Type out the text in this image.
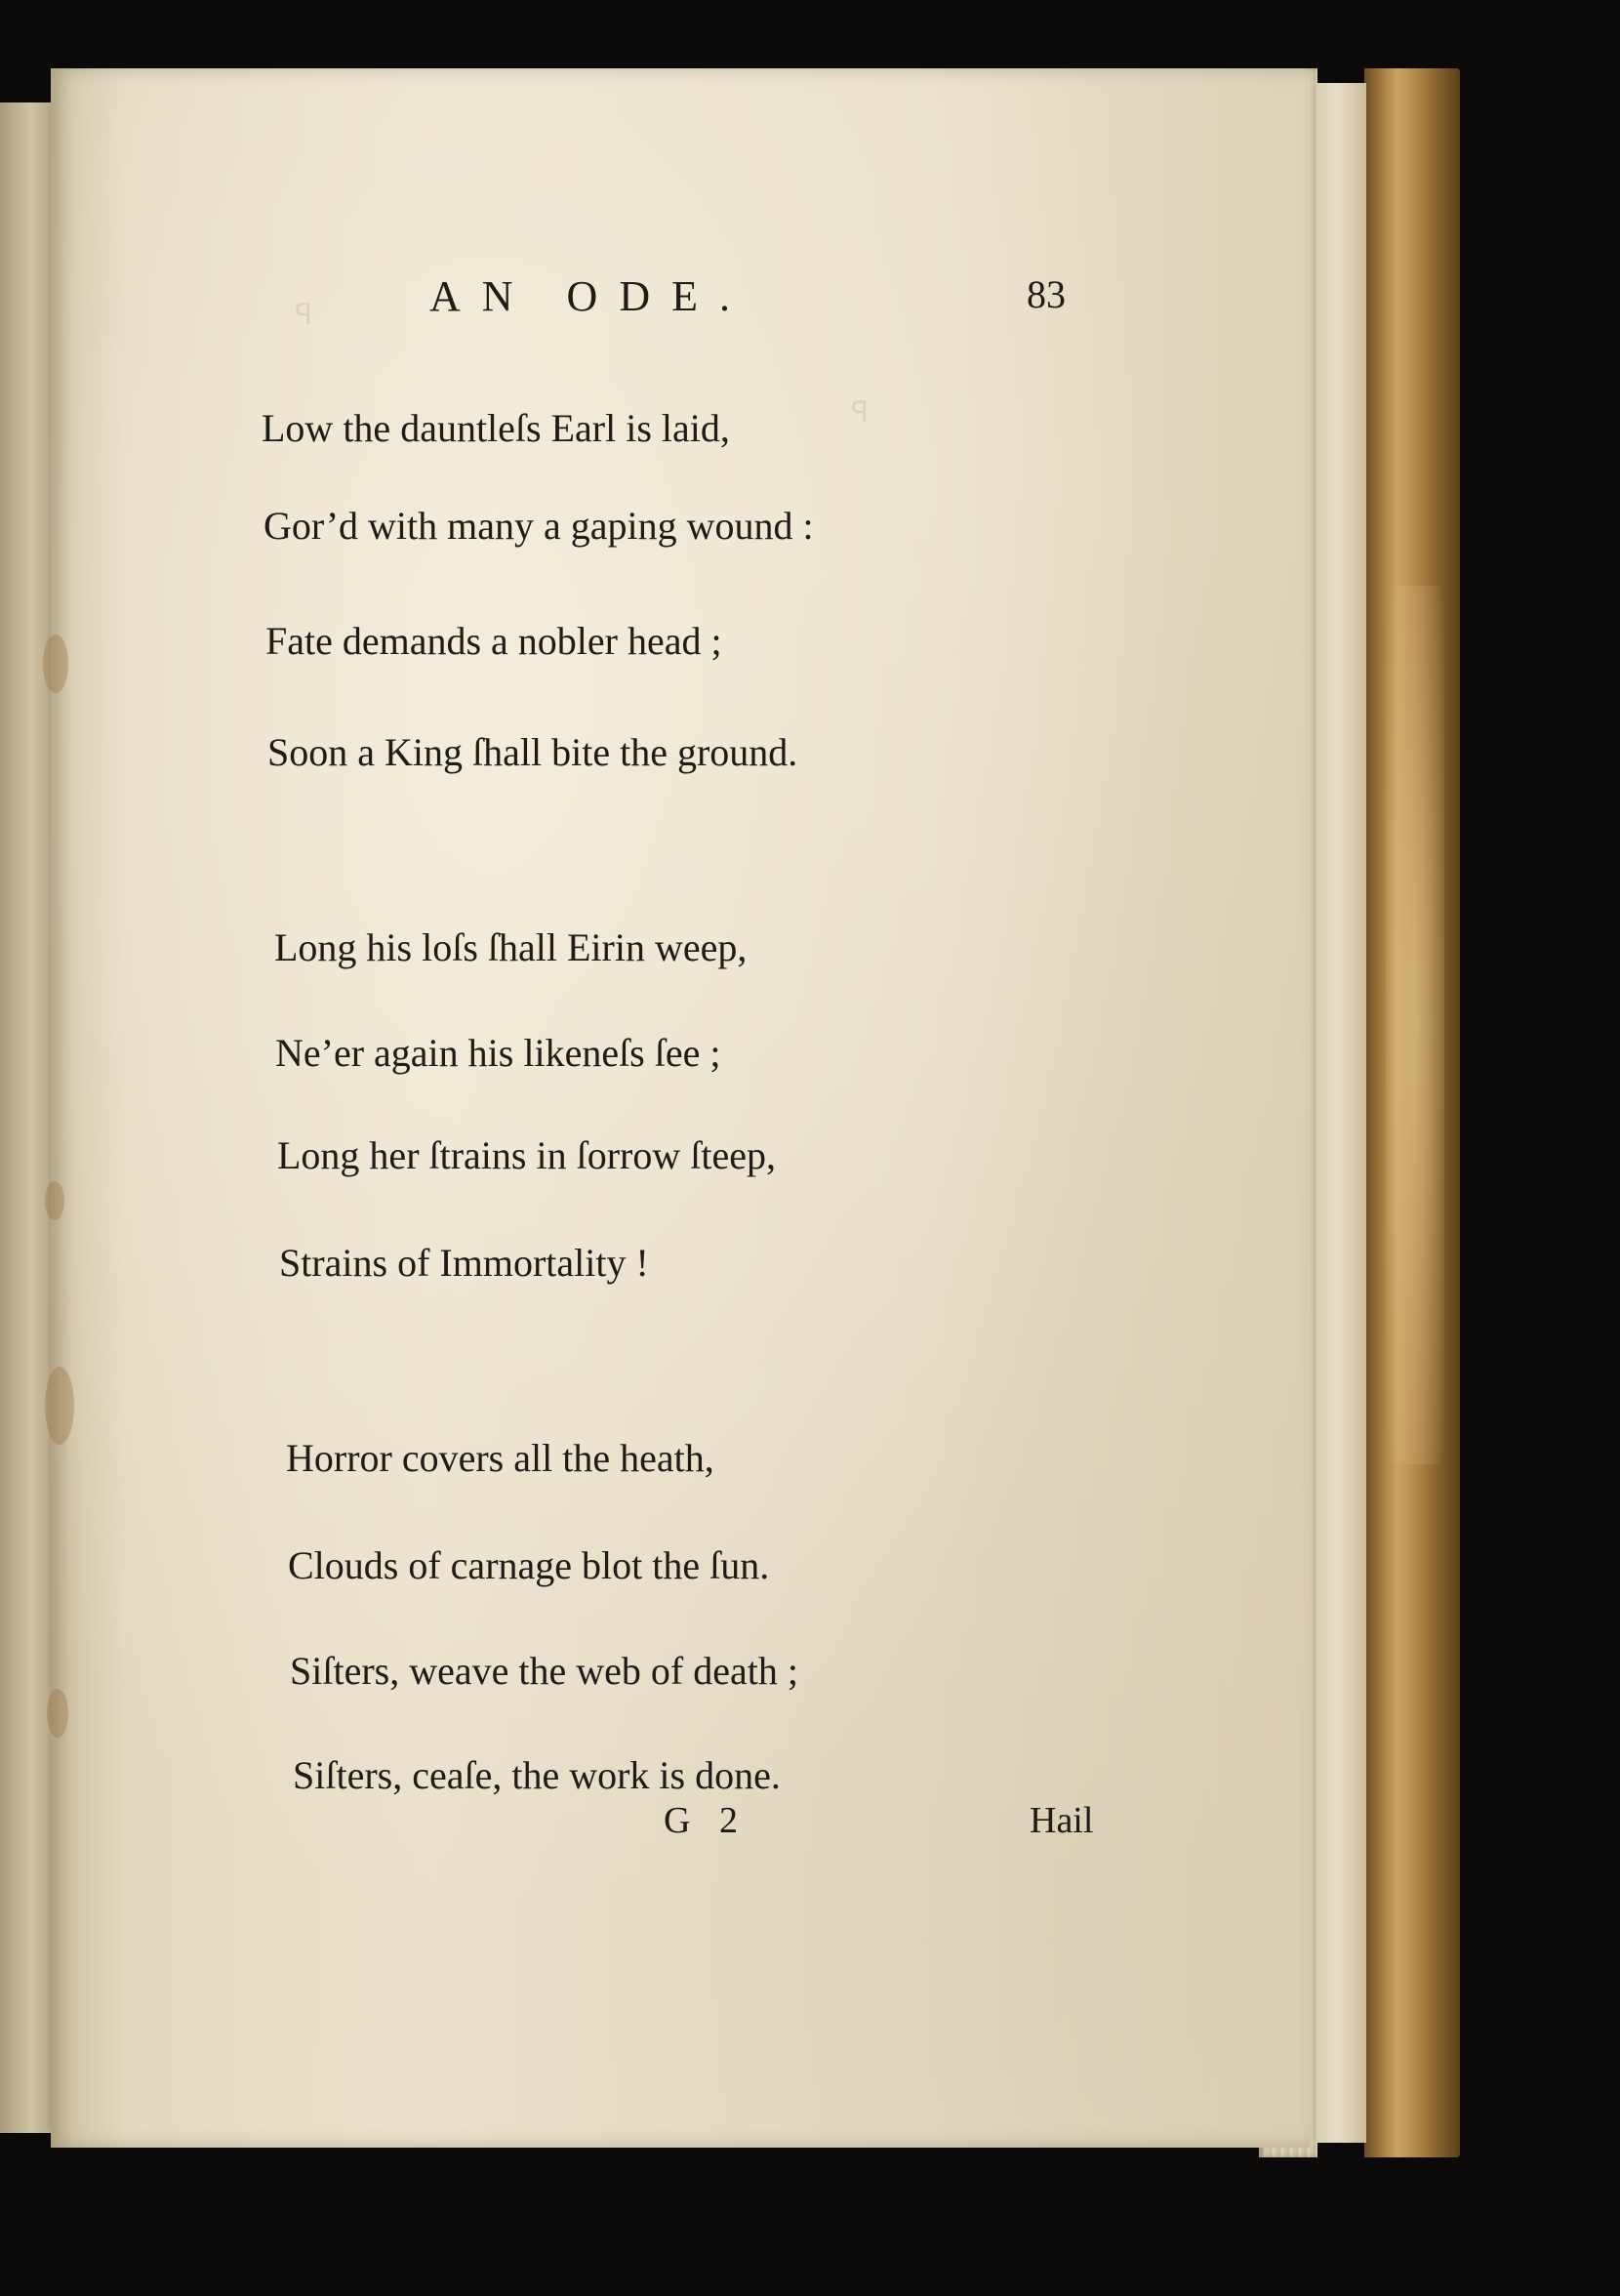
ꟼ
ꟼ
AN ODE.	83
Low the dauntleſs Earl is laid,
Gor’d with many a gaping wound :
Fate demands a nobler head ;
Soon a King ſhall bite the ground.
Long his loſs ſhall Eirin weep,
Ne’er again his likeneſs ſee ;
Long her ſtrains in ſorrow ſteep,
Strains of Immortality !
Horror covers all the heath,
Clouds of carnage blot the ſun.
Siſters, weave the web of death ;
Siſters, ceaſe, the work is done.
G 2	Hail
